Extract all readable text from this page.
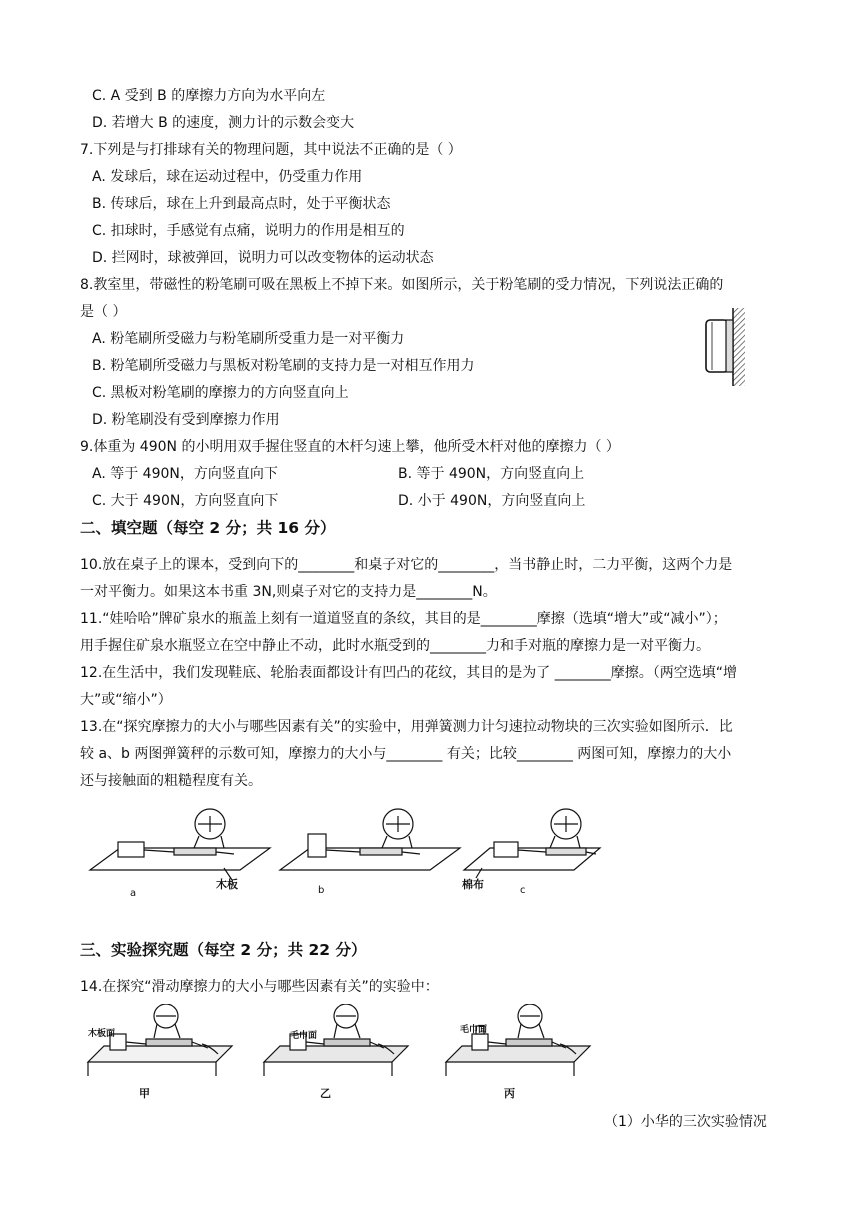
C. A 受到 B 的摩擦力方向为水平向左
D. 若增大 B 的速度，测力计的示数会变大
7.下列是与打排球有关的物理问题，其中说法不正确的是（ ）
A. 发球后，球在运动过程中，仍受重力作用
B. 传球后，球在上升到最高点时，处于平衡状态
C. 扣球时，手感觉有点痛，说明力的作用是相互的
D. 拦网时，球被弹回，说明力可以改变物体的运动状态
8.教室里，带磁性的粉笔刷可吸在黑板上不掉下来。如图所示，关于粉笔刷的受力情况，下列说法正确的
是（ ）
A. 粉笔刷所受磁力与粉笔刷所受重力是一对平衡力
B. 粉笔刷所受磁力与黑板对粉笔刷的支持力是一对相互作用力
C. 黑板对粉笔刷的摩擦力的方向竖直向上
D. 粉笔刷没有受到摩擦力作用
9.体重为 490N 的小明用双手握住竖直的木杆匀速上攀，他所受木杆对他的摩擦力（ ）
A. 等于 490N，方向竖直向下	B. 等于 490N，方向竖直向上
C. 大于 490N，方向竖直向下	D. 小于 490N，方向竖直向上
二、填空题（每空 2 分；共 16 分）
10.放在桌子上的课本，受到向下的________和桌子对它的________，当书静止时，二力平衡，这两个力是
一对平衡力。如果这本书重 3N,则桌子对它的支持力是________N。
11.“娃哈哈”牌矿泉水的瓶盖上刻有一道道竖直的条纹，其目的是________摩擦（选填“增大”或“减小”）；
用手握住矿泉水瓶竖立在空中静止不动，此时水瓶受到的________力和手对瓶的摩擦力是一对平衡力。
12.在生活中，我们发现鞋底、轮胎表面都设计有凹凸的花纹，其目的是为了 ________摩擦。（两空选填“增
大”或“缩小”）
13.在“探究摩擦力的大小与哪些因素有关”的实验中，用弹簧测力计匀速拉动物块的三次实验如图所示．比
较 a、b 两图弹簧秤的示数可知，摩擦力的大小与________ 有关；比较________ 两图可知，摩擦力的大小
还与接触面的粗糙程度有关。
木板	棉布
a	b	c
三、实验探究题（每空 2 分；共 22 分）
14.在探究“滑动摩擦力的大小与哪些因素有关”的实验中：
木板面	毛巾面
毛巾面
甲	乙	丙
（1）小华的三次实验情况
